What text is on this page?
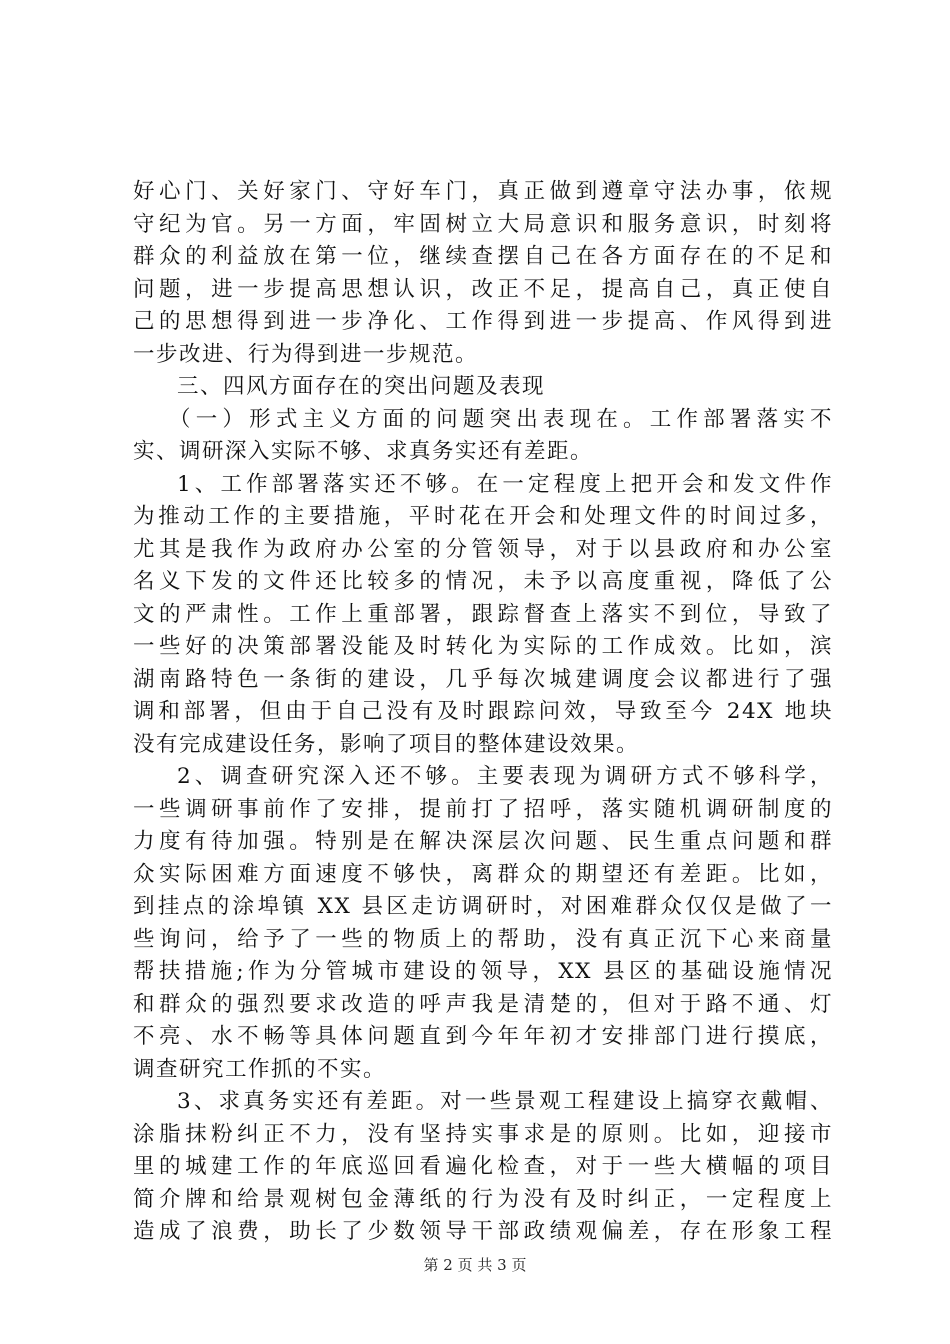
好心门、关好家门、守好车门，真正做到遵章守法办事，依规
守纪为官。另一方面，牢固树立大局意识和服务意识，时刻将
群众的利益放在第一位，继续查摆自己在各方面存在的不足和
问题，进一步提高思想认识，改正不足，提高自己，真正使自
己的思想得到进一步净化、工作得到进一步提高、作风得到进
一步改进、行为得到进一步规范。
三、四风方面存在的突出问题及表现
（一）形式主义方面的问题突出表现在。工作部署落实不
实、调研深入实际不够、求真务实还有差距。
1、工作部署落实还不够。在一定程度上把开会和发文件作
为推动工作的主要措施，平时花在开会和处理文件的时间过多，
尤其是我作为政府办公室的分管领导，对于以县政府和办公室
名义下发的文件还比较多的情况，未予以高度重视，降低了公
文的严肃性。工作上重部署，跟踪督查上落实不到位，导致了
一些好的决策部署没能及时转化为实际的工作成效。比如，滨
湖南路特色一条街的建设，几乎每次城建调度会议都进行了强
调和部署，但由于自己没有及时跟踪问效，导致至今 24X 地块
没有完成建设任务，影响了项目的整体建设效果。
2、调查研究深入还不够。主要表现为调研方式不够科学，
一些调研事前作了安排，提前打了招呼，落实随机调研制度的
力度有待加强。特别是在解决深层次问题、民生重点问题和群
众实际困难方面速度不够快，离群众的期望还有差距。比如，
到挂点的涂埠镇 XX 县区走访调研时，对困难群众仅仅是做了一
些询问，给予了一些的物质上的帮助，没有真正沉下心来商量
帮扶措施;作为分管城市建设的领导，XX 县区的基础设施情况
和群众的强烈要求改造的呼声我是清楚的，但对于路不通、灯
不亮、水不畅等具体问题直到今年年初才安排部门进行摸底，
调查研究工作抓的不实。
3、求真务实还有差距。对一些景观工程建设上搞穿衣戴帽、
涂脂抹粉纠正不力，没有坚持实事求是的原则。比如，迎接市
里的城建工作的年底巡回看遍化检查，对于一些大横幅的项目
简介牌和给景观树包金薄纸的行为没有及时纠正，一定程度上
造成了浪费，助长了少数领导干部政绩观偏差，存在形象工程
第 2 页 共 3 页
